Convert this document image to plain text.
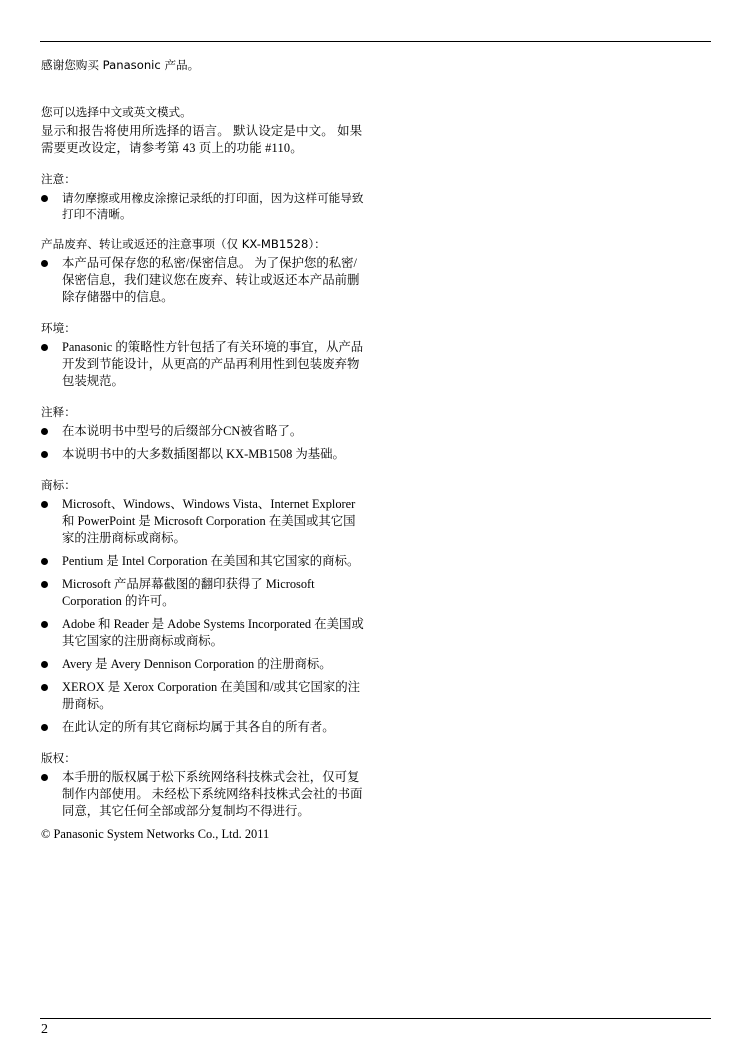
感谢您购买 Panasonic 产品。
您可以选择中文或英文模式。

显示和报告将使用所选择的语言。 默认设定是中文。 如果需要更改设定，请参考第 43 页上的功能 #110。

注意：
请勿摩擦或用橡皮涂擦记录纸的打印面，因为这样可能导致打印不清晰。
产品废弃、转让或返还的注意事项（仅 KX-MB1528）：
本产品可保存您的私密/保密信息。 为了保护您的私密/保密信息，我们建议您在废弃、转让或返还本产品前删除存储器中的信息。
环境：
Panasonic 的策略性方针包括了有关环境的事宜，从产品开发到节能设计，从更高的产品再利用性到包装废弃物包装规范。
注释：
在本说明书中型号的后缀部分CN被省略了。
本说明书中的大多数插图都以 KX-MB1508 为基础。
商标：
Microsoft、Windows、Windows Vista、Internet Explorer 和 PowerPoint 是 Microsoft Corporation 在美国或其它国家的注册商标或商标。
Pentium 是 Intel Corporation 在美国和其它国家的商标。
Microsoft 产品屏幕截图的翻印获得了 Microsoft Corporation 的许可。
Adobe 和 Reader 是 Adobe Systems Incorporated 在美国或其它国家的注册商标或商标。
Avery 是 Avery Dennison Corporation 的注册商标。
XEROX 是 Xerox Corporation 在美国和/或其它国家的注册商标。
在此认定的所有其它商标均属于其各自的所有者。
版权：
本手册的版权属于松下系统网络科技株式会社，仅可复制作内部使用。 未经松下系统网络科技株式会社的书面同意，其它任何全部或部分复制均不得进行。
© Panasonic System Networks Co., Ltd. 2011
2
